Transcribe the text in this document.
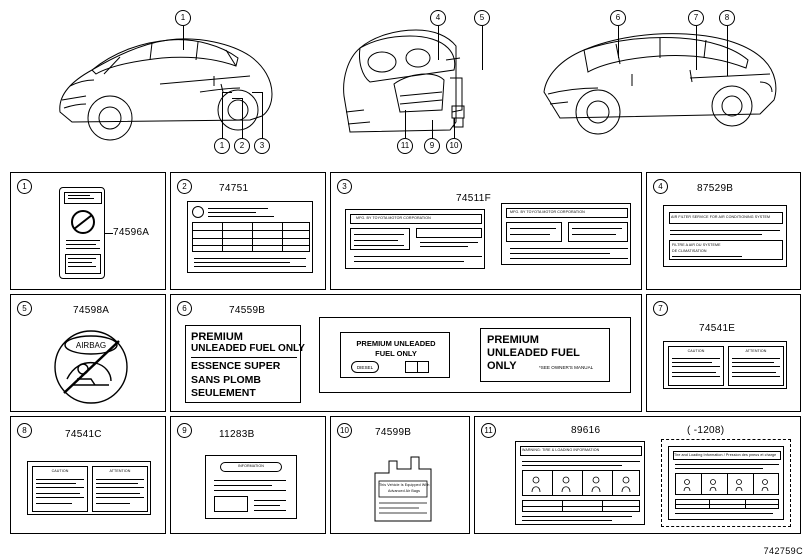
1	4	5	6	7	8
1	2	3	11	9	10
1
74596A
2	74751	3
74511F
MFG. BY TOYOTA MOTOR CORPORATION
MFG. BY TOYOTA MOTOR CORPORATION
4	87529B
AIR FILTER SERVICE FOR AIR CONDITIONING SYSTEM
FILTRE A AIR DU SYSTEME
DE CLIMATISATION
5	74598A
AIRBAG
6	74559B
PREMIUM
UNLEADED FUEL ONLY
ESSENCE SUPER
SANS PLOMB
SEULEMENT
PREMIUM UNLEADED
FUEL ONLY
DIESEL
PREMIUM
UNLEADED FUEL
ONLY	*SEE OWNER'S MANUAL
7
74541E
CAUTION	ATTENTION
8	74541C
CAUTION	ATTENTION
9	11283B
INFORMATION
10	74599B
This Vehicle Is Equipped With
Advanced Air Bags
11	89616	( -1208)
WARNING: TIRE & LOADING INFORMATION
Tire and Loading Information / Pression des pneus et charge
742759C
